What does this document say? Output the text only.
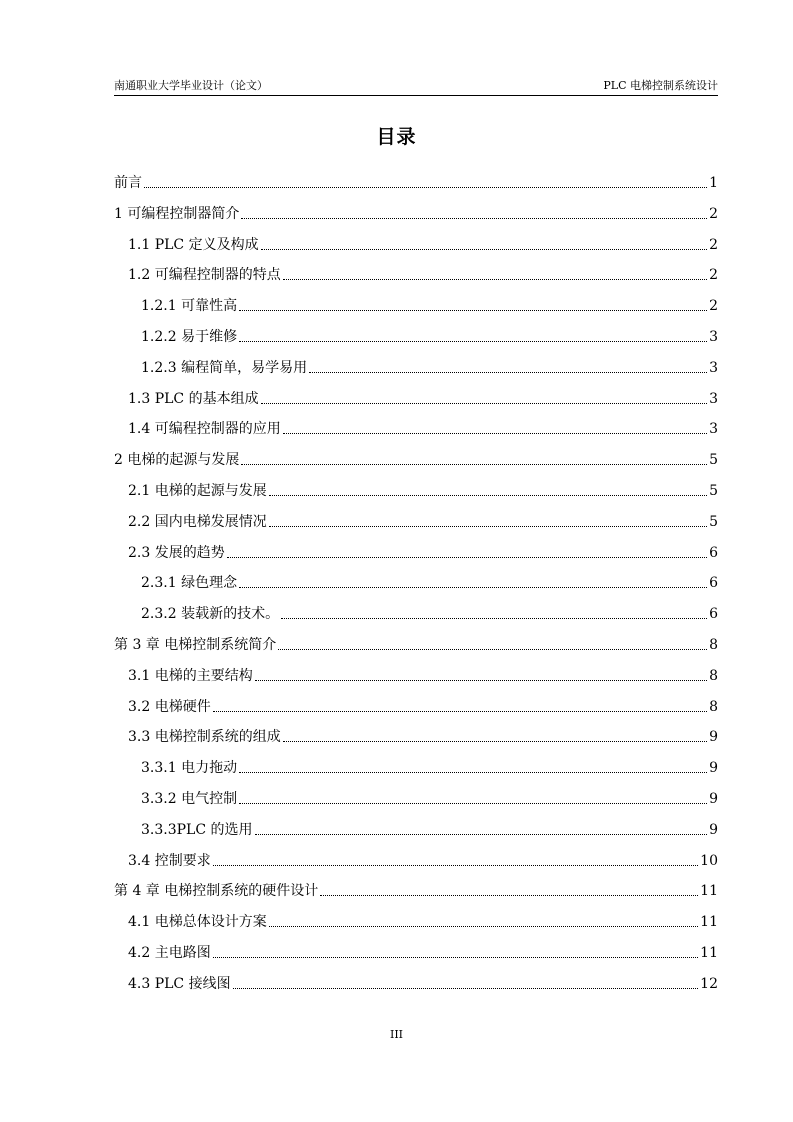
南通职业大学毕业设计（论文）	PLC 电梯控制系统设计
目录
前言	1
1 可编程控制器简介	2
1.1 PLC 定义及构成	2
1.2 可编程控制器的特点	2
1.2.1 可靠性高	2
1.2.2 易于维修	3
1.2.3 编程简单，易学易用	3
1.3 PLC 的基本组成	3
1.4 可编程控制器的应用	3
2 电梯的起源与发展	5
2.1 电梯的起源与发展	5
2.2 国内电梯发展情况	5
2.3 发展的趋势	6
2.3.1 绿色理念	6
2.3.2 装载新的技术。	6
第 3 章 电梯控制系统简介	8
3.1 电梯的主要结构	8
3.2 电梯硬件	8
3.3 电梯控制系统的组成	9
3.3.1 电力拖动	9
3.3.2 电气控制	9
3.3.3PLC 的选用	9
3.4 控制要求	10
第 4 章 电梯控制系统的硬件设计	11
4.1 电梯总体设计方案	11
4.2 主电路图	11
4.3 PLC 接线图	12
III
